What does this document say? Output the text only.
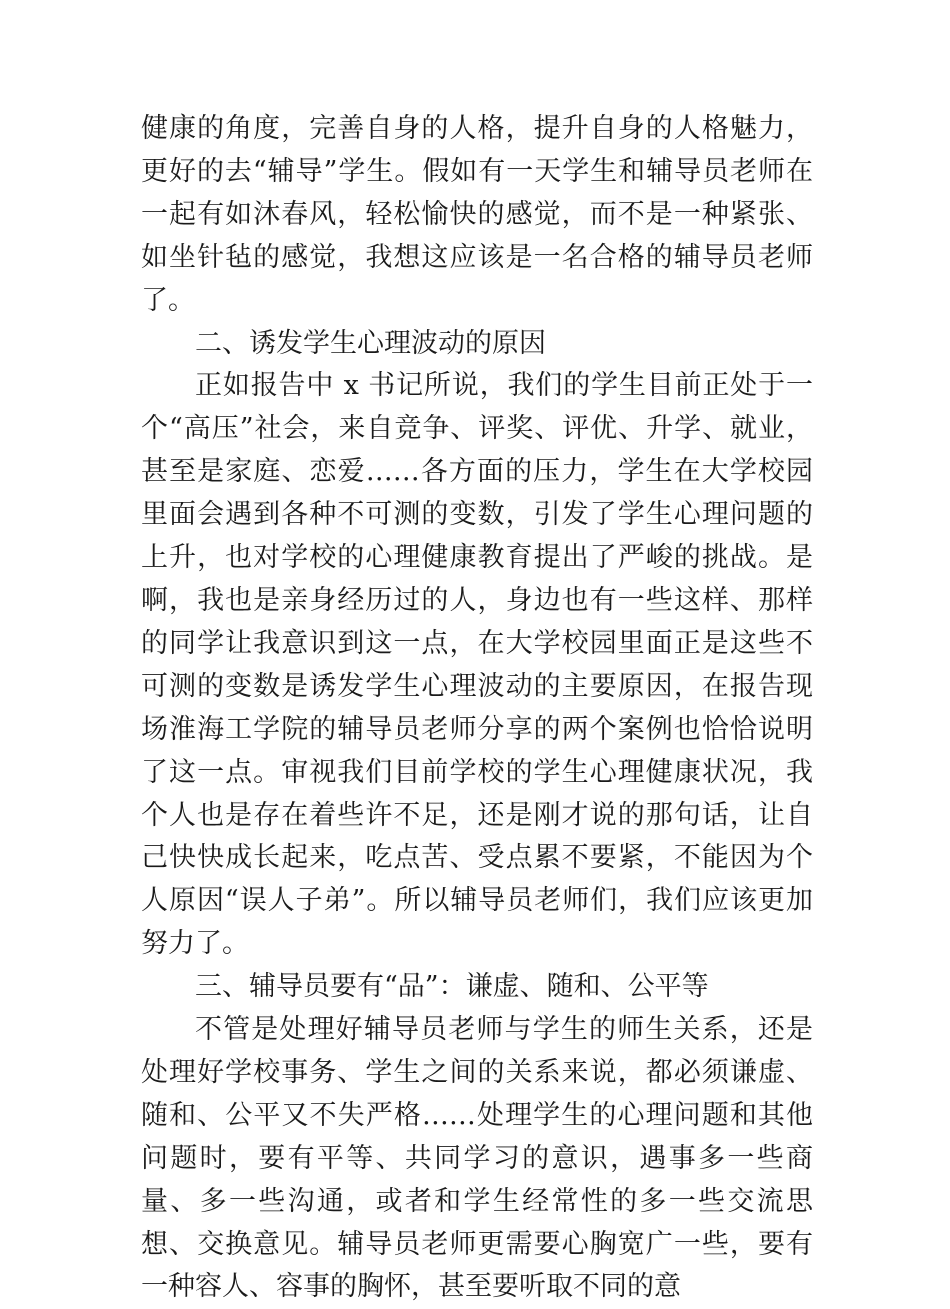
健康的角度，完善自身的人格，提升自身的人格魅力，更好的去“辅导”学生。假如有一天学生和辅导员老师在一起有如沐春风，轻松愉快的感觉，而不是一种紧张、如坐针毡的感觉，我想这应该是一名合格的辅导员老师了。

二、诱发学生心理波动的原因

正如报告中 x 书记所说，我们的学生目前正处于一个“高压”社会，来自竞争、评奖、评优、升学、就业，甚至是家庭、恋爱……各方面的压力，学生在大学校园里面会遇到各种不可测的变数，引发了学生心理问题的上升，也对学校的心理健康教育提出了严峻的挑战。是啊，我也是亲身经历过的人，身边也有一些这样、那样的同学让我意识到这一点，在大学校园里面正是这些不可测的变数是诱发学生心理波动的主要原因，在报告现场淮海工学院的辅导员老师分享的两个案例也恰恰说明了这一点。审视我们目前学校的学生心理健康状况，我个人也是存在着些许不足，还是刚才说的那句话，让自己快快成长起来，吃点苦、受点累不要紧，不能因为个人原因“误人子弟”。所以辅导员老师们，我们应该更加努力了。

三、辅导员要有“品”：谦虚、随和、公平等

不管是处理好辅导员老师与学生的师生关系，还是处理好学校事务、学生之间的关系来说，都必须谦虚、随和、公平又不失严格……处理学生的心理问题和其他问题时，要有平等、共同学习的意识，遇事多一些商量、多一些沟通，或者和学生经常性的多一些交流思想、交换意见。辅导员老师更需要心胸宽广一些，要有一种容人、容事的胸怀，甚至要听取不同的意
